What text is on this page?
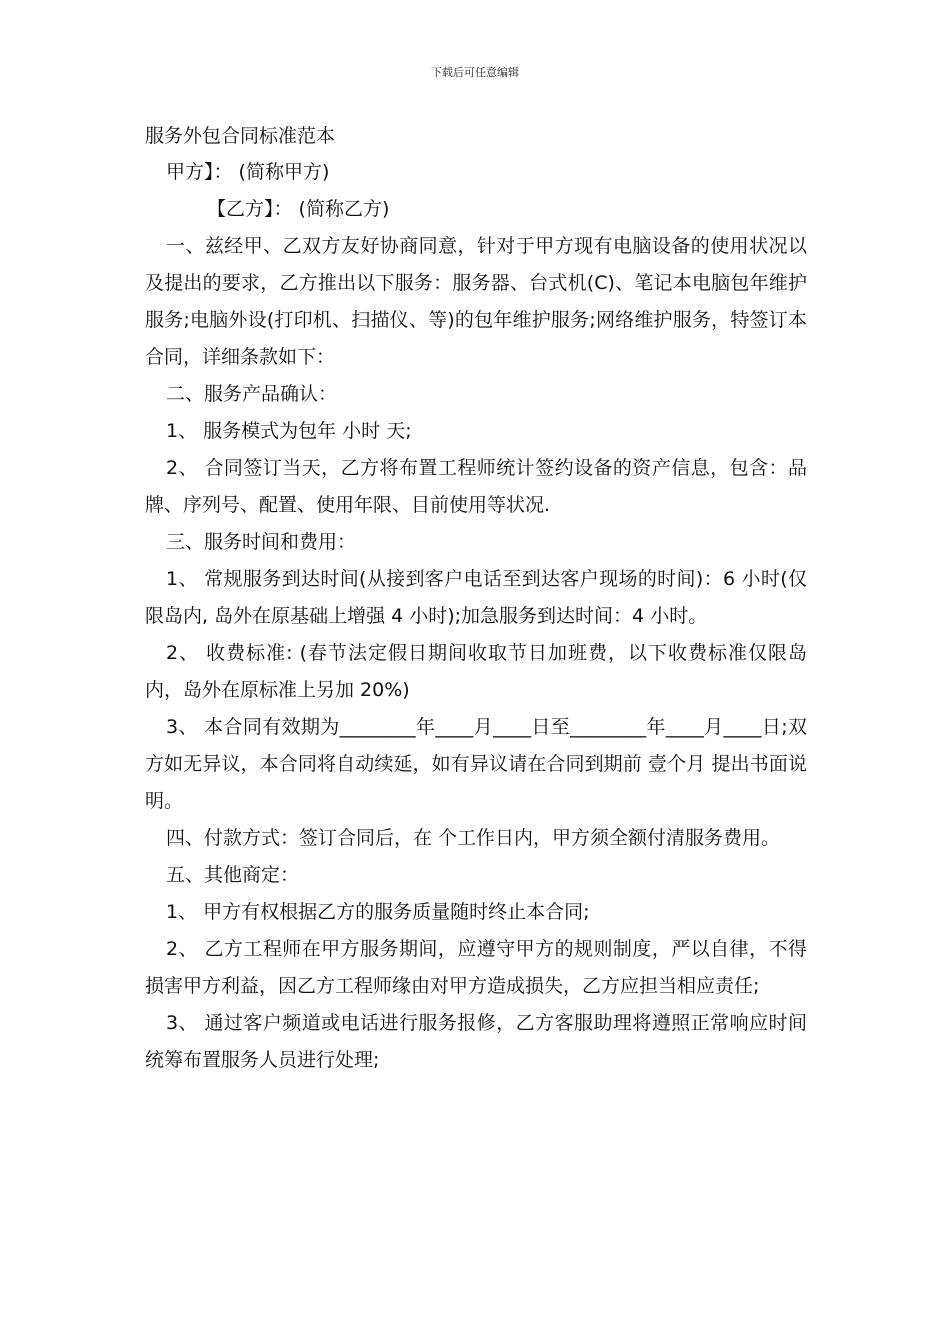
下载后可任意编辑

服务外包合同标准范本

甲方】： (简称甲方)

【乙方】： (简称乙方)

一、兹经甲、乙双方友好协商同意，针对于甲方现有电脑设备的使用状况以及提出的要求，乙方推出以下服务：服务器、台式机(C)、笔记本电脑包年维护服务;电脑外设(打印机、扫描仪、等)的包年维护服务;网络维护服务，特签订本合同，详细条款如下：

二、服务产品确认：

1、 服务模式为包年 小时 天;

2、 合同签订当天，乙方将布置工程师统计签约设备的资产信息，包含：品牌、序列号、配置、使用年限、目前使用等状况.

三、服务时间和费用：

1、 常规服务到达时间(从接到客户电话至到达客户现场的时间)：6 小时(仅限岛内, 岛外在原基础上增强 4 小时);加急服务到达时间：4 小时。

2、 收费标准: (春节法定假日期间收取节日加班费，以下收费标准仅限岛内，岛外在原标准上另加 20%)

3、 本合同有效期为________年____月____日至________年____月____日;双方如无异议，本合同将自动续延，如有异议请在合同到期前 壹个月 提出书面说明。

四、付款方式：签订合同后，在 个工作日内，甲方须全额付清服务费用。

五、其他商定：

1、 甲方有权根据乙方的服务质量随时终止本合同;

2、 乙方工程师在甲方服务期间，应遵守甲方的规则制度，严以自律，不得损害甲方利益，因乙方工程师缘由对甲方造成损失，乙方应担当相应责任;

3、 通过客户频道或电话进行服务报修，乙方客服助理将遵照正常响应时间统筹布置服务人员进行处理;
